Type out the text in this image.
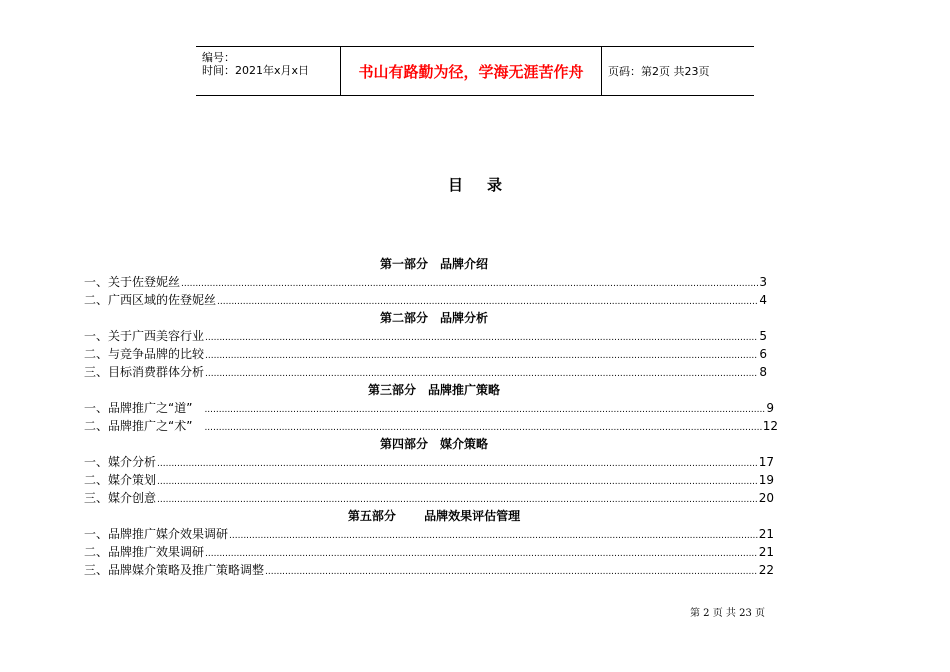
编号：
时间：2021年x月x日	书山有路勤为径，学海无涯苦作舟	页码：第2页 共23页
目录
第一部分　品牌介绍
一、关于佐登妮丝 .....	3
二、广西区域的佐登妮丝 .....	4
第二部分　品牌分析
一、关于广西美容行业 .....	5
二、与竞争品牌的比较 .....	6
三、目标消费群体分析 .....	8
第三部分　品牌推广策略
一、品牌推广之“道” .....	9
二、品牌推广之“术” .....	12
第四部分　媒介策略
一、媒介分析 .....	17
二、媒介策划 .....	19
三、媒介创意 .....	20
第五部分　　 品牌效果评估管理
一、品牌推广媒介效果调研 .....	21
二、品牌推广效果调研 .....	21
三、品牌媒介策略及推广策略调整 .....	22
第 2 页 共 23 页
